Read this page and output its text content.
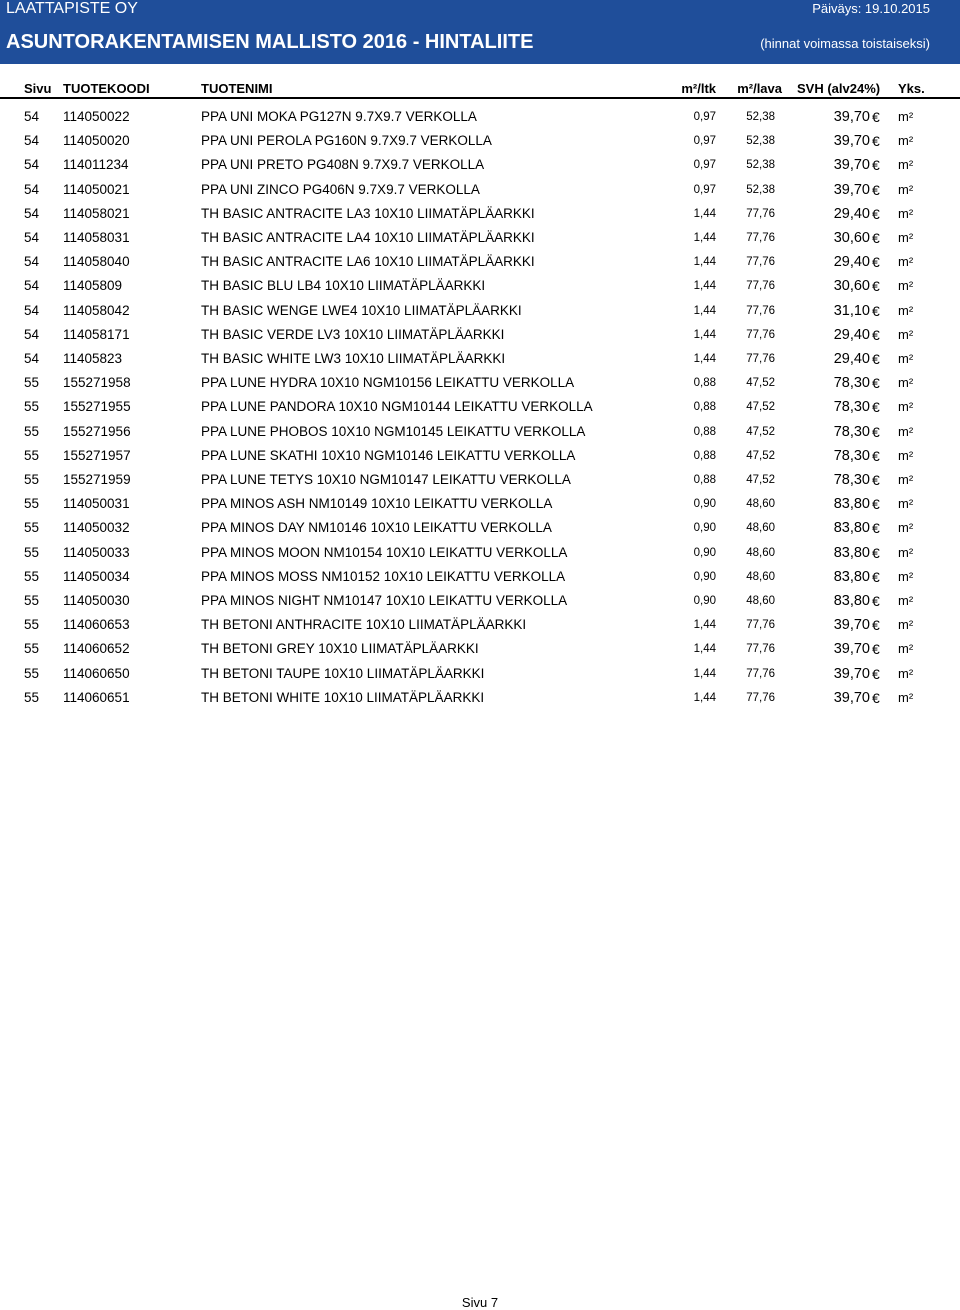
LAATTAPISTE OY	Päiväys: 19.10.2015
ASUNTORAKENTAMISEN MALLISTO 2016 - HINTALIITE	(hinnat voimassa toistaiseksi)
Sivu TUOTEKOODI	TUOTENIMI	m²/ltk m²/lava SVH (alv24%) Yks.
54 114050022	PPA UNI MOKA PG127N 9.7X9.7 VERKOLLA	0,97	52,38	39,70 € m²
54 114050020	PPA UNI PEROLA PG160N 9.7X9.7 VERKOLLA	0,97	52,38	39,70 € m²
54 114011234	PPA UNI PRETO PG408N 9.7X9.7 VERKOLLA	0,97	52,38	39,70 € m²
54 114050021	PPA UNI ZINCO PG406N 9.7X9.7 VERKOLLA	0,97	52,38	39,70 € m²
54 114058021	TH BASIC ANTRACITE LA3 10X10 LIIMATÄPLÄARKKI	1,44	77,76	29,40 € m²
54 114058031	TH BASIC ANTRACITE LA4 10X10 LIIMATÄPLÄARKKI	1,44	77,76	30,60 € m²
54 114058040	TH BASIC ANTRACITE LA6 10X10 LIIMATÄPLÄARKKI	1,44	77,76	29,40 € m²
54 11405809	TH BASIC BLU LB4 10X10 LIIMATÄPLÄARKKI	1,44	77,76	30,60 € m²
54 114058042	TH BASIC WENGE LWE4 10X10 LIIMATÄPLÄARKKI	1,44	77,76	31,10 € m²
54 114058171	TH BASIC VERDE LV3 10X10 LIIMATÄPLÄARKKI	1,44	77,76	29,40 € m²
54 11405823	TH BASIC WHITE LW3 10X10 LIIMATÄPLÄARKKI	1,44	77,76	29,40 € m²
55 155271958	PPA LUNE HYDRA 10X10 NGM10156 LEIKATTU VERKOLLA	0,88	47,52	78,30 € m²
55 155271955	PPA LUNE PANDORA 10X10 NGM10144 LEIKATTU VERKOLLA	0,88	47,52	78,30 € m²
55 155271956	PPA LUNE PHOBOS 10X10 NGM10145 LEIKATTU VERKOLLA	0,88	47,52	78,30 € m²
55 155271957	PPA LUNE SKATHI 10X10 NGM10146 LEIKATTU VERKOLLA	0,88	47,52	78,30 € m²
55 155271959	PPA LUNE TETYS 10X10 NGM10147 LEIKATTU VERKOLLA	0,88	47,52	78,30 € m²
55 114050031	PPA MINOS ASH NM10149 10X10 LEIKATTU VERKOLLA	0,90	48,60	83,80 € m²
55 114050032	PPA MINOS DAY NM10146 10X10 LEIKATTU VERKOLLA	0,90	48,60	83,80 € m²
55 114050033	PPA MINOS MOON NM10154 10X10 LEIKATTU VERKOLLA	0,90	48,60	83,80 € m²
55 114050034	PPA MINOS MOSS NM10152 10X10 LEIKATTU VERKOLLA	0,90	48,60	83,80 € m²
55 114050030	PPA MINOS NIGHT NM10147 10X10 LEIKATTU VERKOLLA	0,90	48,60	83,80 € m²
55 114060653	TH BETONI ANTHRACITE 10X10 LIIMATÄPLÄARKKI	1,44	77,76	39,70 € m²
55 114060652	TH BETONI GREY 10X10 LIIMATÄPLÄARKKI	1,44	77,76	39,70 € m²
55 114060650	TH BETONI TAUPE 10X10 LIIMATÄPLÄARKKI	1,44	77,76	39,70 € m²
55 114060651	TH BETONI WHITE 10X10 LIIMATÄPLÄARKKI	1,44	77,76	39,70 € m²
Sivu 7
